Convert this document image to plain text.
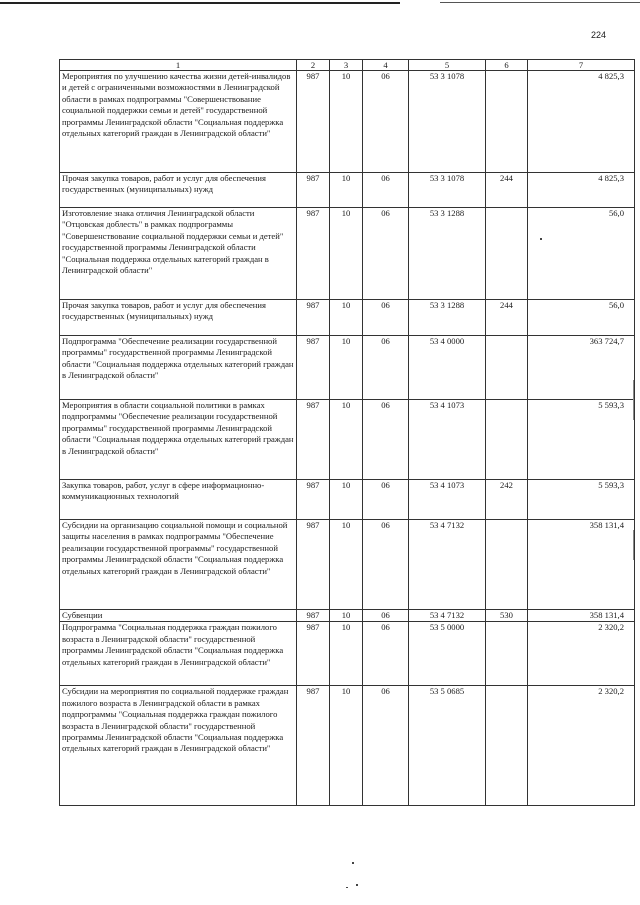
224
1	2	3	4	5	6	7
Мероприятия по улучшению качества жизни детей-инвалидов и детей с ограниченными возможностями в Ленинградской области в рамках подпрограммы "Совершенствование социальной поддержки семьи и детей" государственной программы Ленинградской области "Социальная поддержка отдельных категорий граждан в Ленинградской области"	987	10	06	53 3 1078		4 825,3
Прочая закупка товаров, работ и услуг для обеспечения государственных (муниципальных) нужд	987	10	06	53 3 1078	244	4 825,3
Изготовление знака отличия Ленинградской области "Отцовская доблесть" в рамках подпрограммы "Совершенствование социальной поддержки семьи и детей" государственной программы Ленинградской области "Социальная поддержка отдельных категорий граждан в Ленинградской области"	987	10	06	53 3 1288		56,0
Прочая закупка товаров, работ и услуг для обеспечения государственных (муниципальных) нужд	987	10	06	53 3 1288	244	56,0
Подпрограмма "Обеспечение реализации государственной программы" государственной программы Ленинградской области "Социальная поддержка отдельных категорий граждан в Ленинградской области"	987	10	06	53 4 0000		363 724,7
Мероприятия в области социальной политики в рамках подпрограммы "Обеспечение реализации государственной программы" государственной программы Ленинградской области "Социальная поддержка отдельных категорий граждан в Ленинградской области"	987	10	06	53 4 1073		5 593,3
Закупка товаров, работ, услуг в сфере информационно-коммуникационных технологий	987	10	06	53 4 1073	242	5 593,3
Субсидии на организацию социальной помощи и социальной защиты населения в рамках подпрограммы "Обеспечение реализации государственной программы" государственной программы Ленинградской области "Социальная поддержка отдельных категорий граждан в Ленинградской области"	987	10	06	53 4 7132		358 131,4
Субвенции	987	10	06	53 4 7132	530	358 131,4
Подпрограмма "Социальная поддержка граждан пожилого возраста в Ленинградской области" государственной программы Ленинградской области "Социальная поддержка отдельных категорий граждан в Ленинградской области"	987	10	06	53 5 0000		2 320,2
Субсидии на мероприятия по социальной поддержке граждан пожилого возраста в Ленинградской области в рамках подпрограммы "Социальная поддержка граждан пожилого возраста в Ленинградской области" государственной программы Ленинградской области "Социальная поддержка отдельных категорий граждан в Ленинградской области"	987	10	06	53 5 0685		2 320,2
